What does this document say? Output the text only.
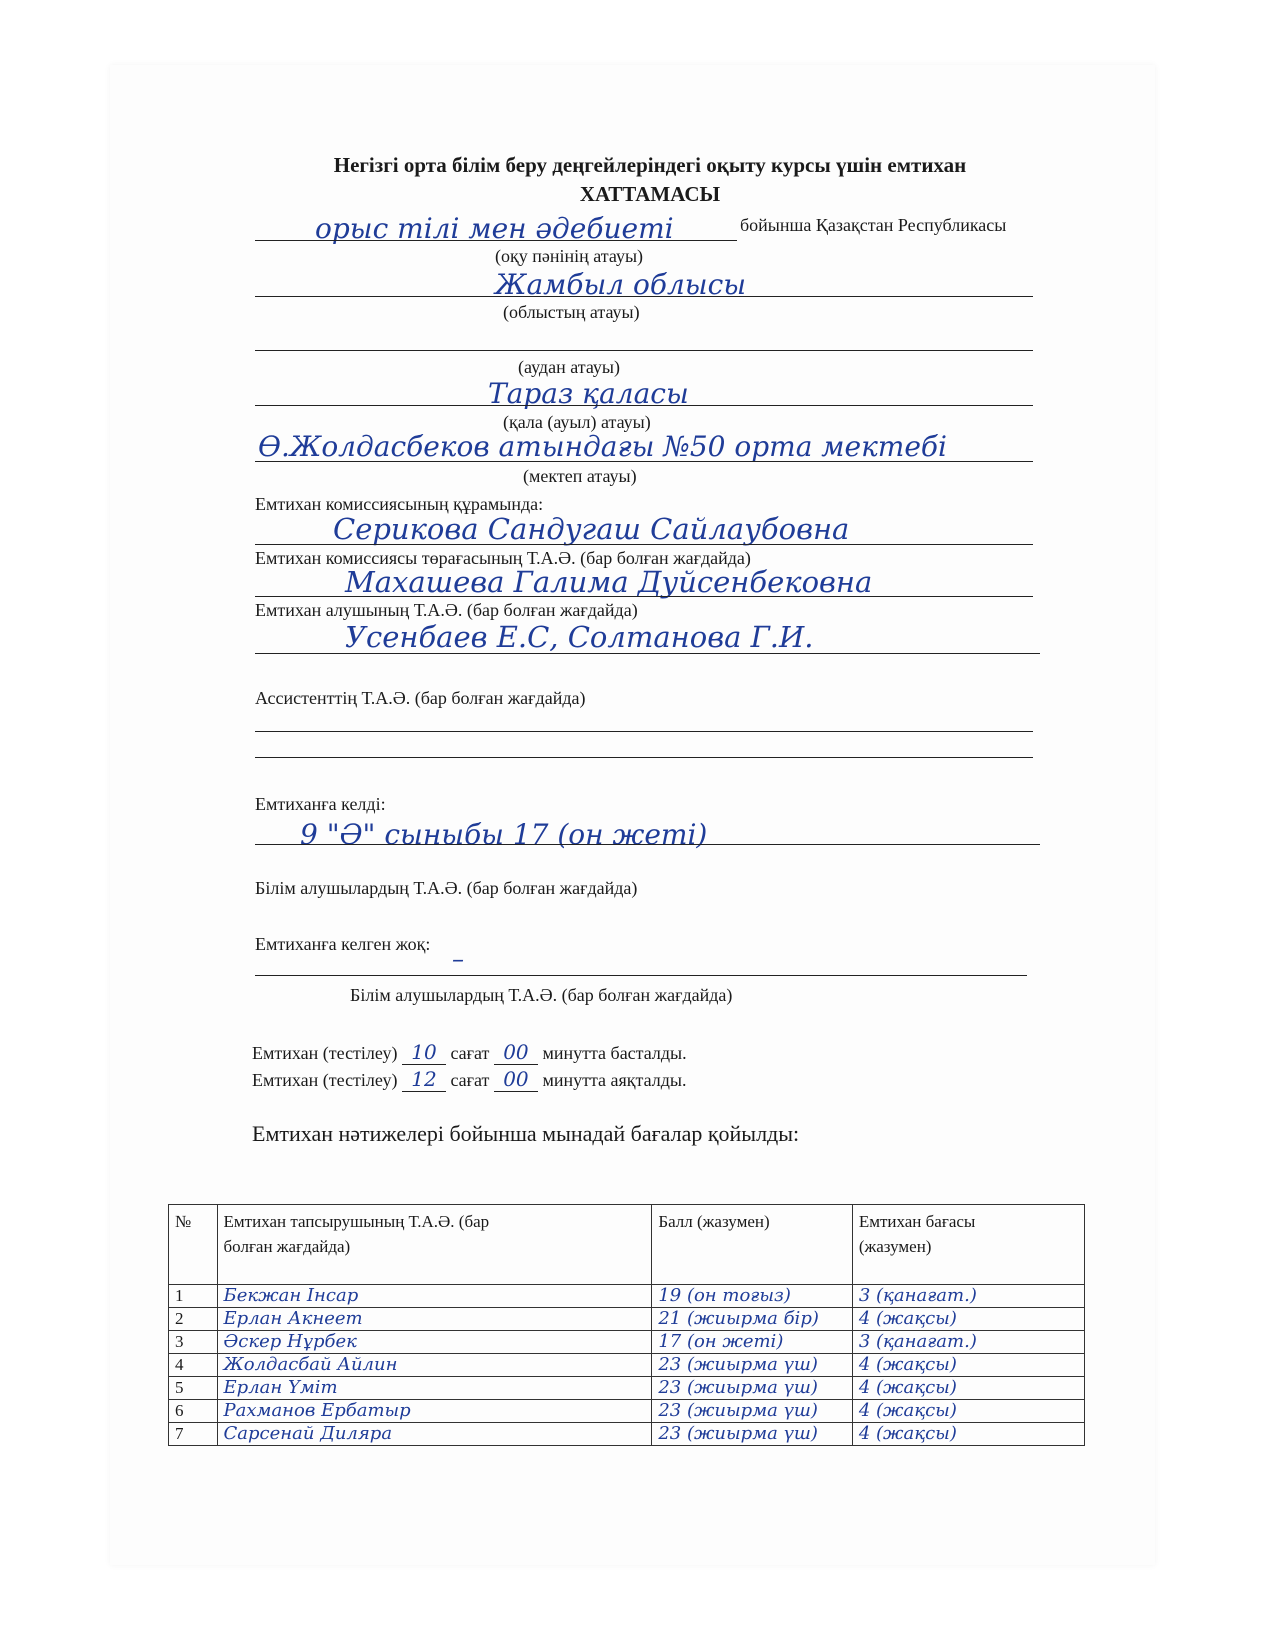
Негізгі орта білім беру деңгейлеріндегі оқыту курсы үшін емтихан
ХАТТАМАСЫ
орыс тілі мен әдебиеті	бойынша Қазақстан Республикасы
(оқу пәнінің атауы)
Жамбыл облысы
(облыстың атауы)
(аудан атауы)
Тараз қаласы
(қала (ауыл) атауы)
Ө.Жолдасбеков атындағы №50 орта мектебі
(мектеп атауы)
Емтихан комиссиясының құрамында:
Серикова Сандугаш Сайлаубовна
Емтихан комиссиясы төрағасының Т.А.Ә. (бар болған жағдайда)
Махашева Галима Дуйсенбековна
Емтихан алушының Т.А.Ә. (бар болған жағдайда)
Усенбаев Е.С, Солтанова Г.И.
Ассистенттің Т.А.Ә. (бар болған жағдайда)
Емтиханға келді:
9 "Ә" сыныбы 17 (он жеті)
Білім алушылардың Т.А.Ә. (бар болған жағдайда)
Емтиханға келген жоқ:
–
Білім алушылардың Т.А.Ә. (бар болған жағдайда)
Емтихан (тестілеу) 10 сағат 00 минутта басталды.
Емтихан (тестілеу) 12 сағат 00 минутта аяқталды.
Емтихан нәтижелері бойынша мынадай бағалар қойылды:
№	Емтихан тапсырушының Т.А.Ә. (бар болған жағдайда)	Балл (жазумен)	Емтихан бағасы (жазумен)
1	Бекжан Інсар	19 (он тоғыз)	3 (қанағат.)
2	Ерлан Акнеет	21 (жиырма бір)	4 (жақсы)
3	Әскер Нұрбек	17 (он жеті)	3 (қанағат.)
4	Жолдасбай Айлин	23 (жиырма үш)	4 (жақсы)
5	Ерлан Үміт	23 (жиырма үш)	4 (жақсы)
6	Рахманов Ербатыр	23 (жиырма үш)	4 (жақсы)
7	Сарсенай Диляра	23 (жиырма үш)	4 (жақсы)
